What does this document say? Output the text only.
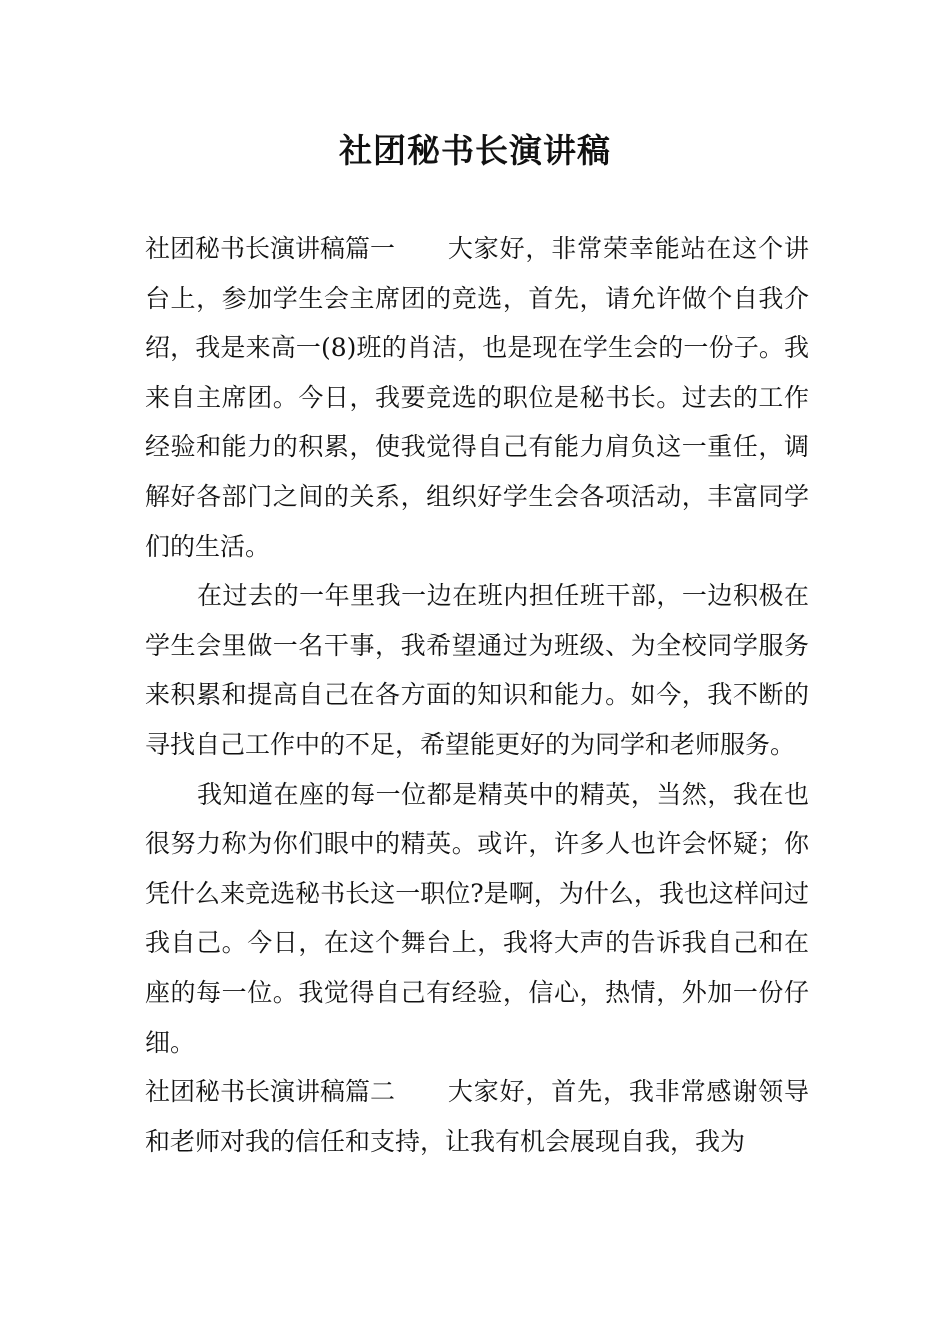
社团秘书长演讲稿

社团秘书长演讲稿篇一 大家好，非常荣幸能站在这个讲台上，参加学生会主席团的竞选，首先，请允许做个自我介绍，我是来高一(8)班的肖洁，也是现在学生会的一份子。我来自主席团。今日，我要竞选的职位是秘书长。过去的工作经验和能力的积累，使我觉得自己有能力肩负这一重任，调解好各部门之间的关系，组织好学生会各项活动，丰富同学们的生活。

在过去的一年里我一边在班内担任班干部，一边积极在学生会里做一名干事，我希望通过为班级、为全校同学服务来积累和提高自己在各方面的知识和能力。如今，我不断的寻找自己工作中的不足，希望能更好的为同学和老师服务。

我知道在座的每一位都是精英中的精英，当然，我在也很努力称为你们眼中的精英。或许，许多人也许会怀疑；你凭什么来竞选秘书长这一职位?是啊，为什么，我也这样问过我自己。今日，在这个舞台上，我将大声的告诉我自己和在座的每一位。我觉得自己有经验，信心，热情，外加一份仔细。

社团秘书长演讲稿篇二 大家好，首先，我非常感谢领导和老师对我的信任和支持，让我有机会展现自我，我为
